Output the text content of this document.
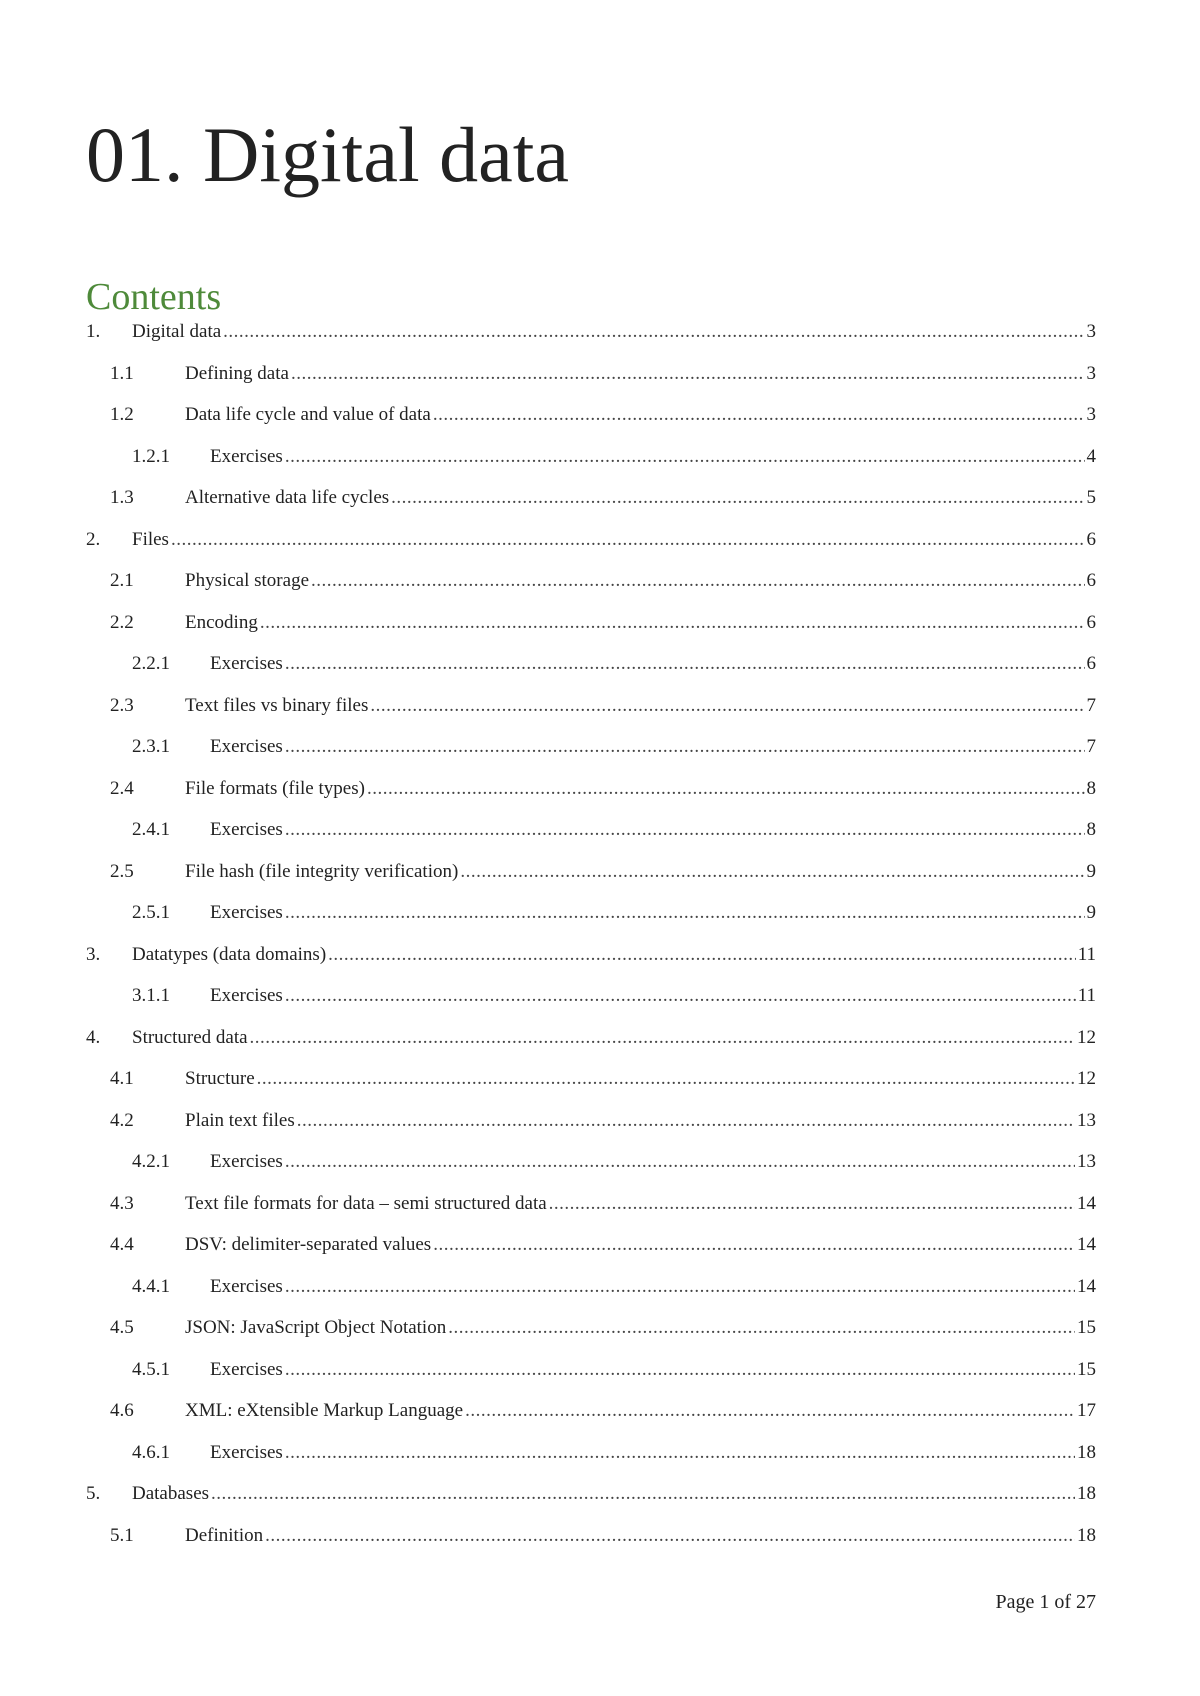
01. Digital data
Contents
1.	Digital data .....	3
1.1	Defining data .....	3
1.2	Data life cycle and value of data .....	3
1.2.1	Exercises .....	4
1.3	Alternative data life cycles .....	5
2.	Files .....	6
2.1	Physical storage .....	6
2.2	Encoding .....	6
2.2.1	Exercises .....	6
2.3	Text files vs binary files .....	7
2.3.1	Exercises .....	7
2.4	File formats (file types) .....	8
2.4.1	Exercises .....	8
2.5	File hash (file integrity verification) .....	9
2.5.1	Exercises .....	9
3.	Datatypes (data domains) .....	11
3.1.1	Exercises .....	11
4.	Structured data .....	12
4.1	Structure .....	12
4.2	Plain text files .....	13
4.2.1	Exercises .....	13
4.3	Text file formats for data – semi structured data .....	14
4.4	DSV: delimiter-separated values .....	14
4.4.1	Exercises .....	14
4.5	JSON: JavaScript Object Notation .....	15
4.5.1	Exercises .....	15
4.6	XML: eXtensible Markup Language .....	17
4.6.1	Exercises .....	18
5.	Databases .....	18
5.1	Definition .....	18
Page 1 of 27
